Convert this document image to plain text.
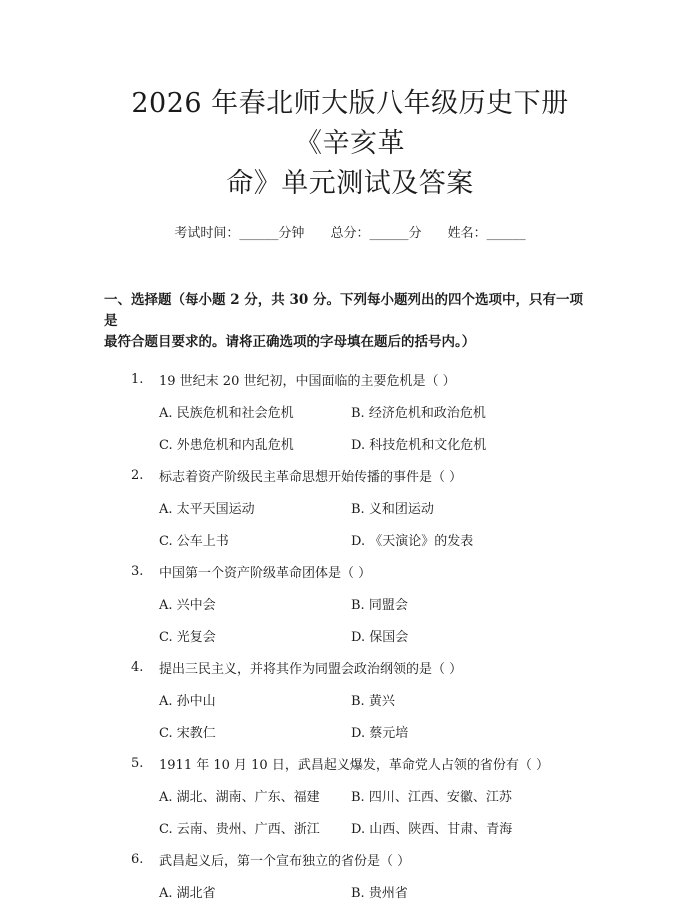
2026 年春北师大版八年级历史下册《辛亥革
命》单元测试及答案
考试时间：______分钟 总分：______分 姓名：______
一、选择题（每小题 2 分，共 30 分。下列每小题列出的四个选项中，只有一项是
最符合题目要求的。请将正确选项的字母填在题后的括号内。）
1.	19 世纪末 20 世纪初，中国面临的主要危机是（ ）
A. 民族危机和社会危机	B. 经济危机和政治危机
C. 外患危机和内乱危机	D. 科技危机和文化危机
2.	标志着资产阶级民主革命思想开始传播的事件是（ ）
A. 太平天国运动	B. 义和团运动
C. 公车上书	D. 《天演论》的发表
3.	中国第一个资产阶级革命团体是（ ）
A. 兴中会	B. 同盟会
C. 光复会	D. 保国会
4.	提出三民主义，并将其作为同盟会政治纲领的是（ ）
A. 孙中山	B. 黄兴
C. 宋教仁	D. 蔡元培
5.	1911 年 10 月 10 日，武昌起义爆发，革命党人占领的省份有（ ）
A. 湖北、湖南、广东、福建	B. 四川、江西、安徽、江苏
C. 云南、贵州、广西、浙江	D. 山西、陕西、甘肃、青海
6.	武昌起义后，第一个宣布独立的省份是（ ）
A. 湖北省	B. 贵州省
